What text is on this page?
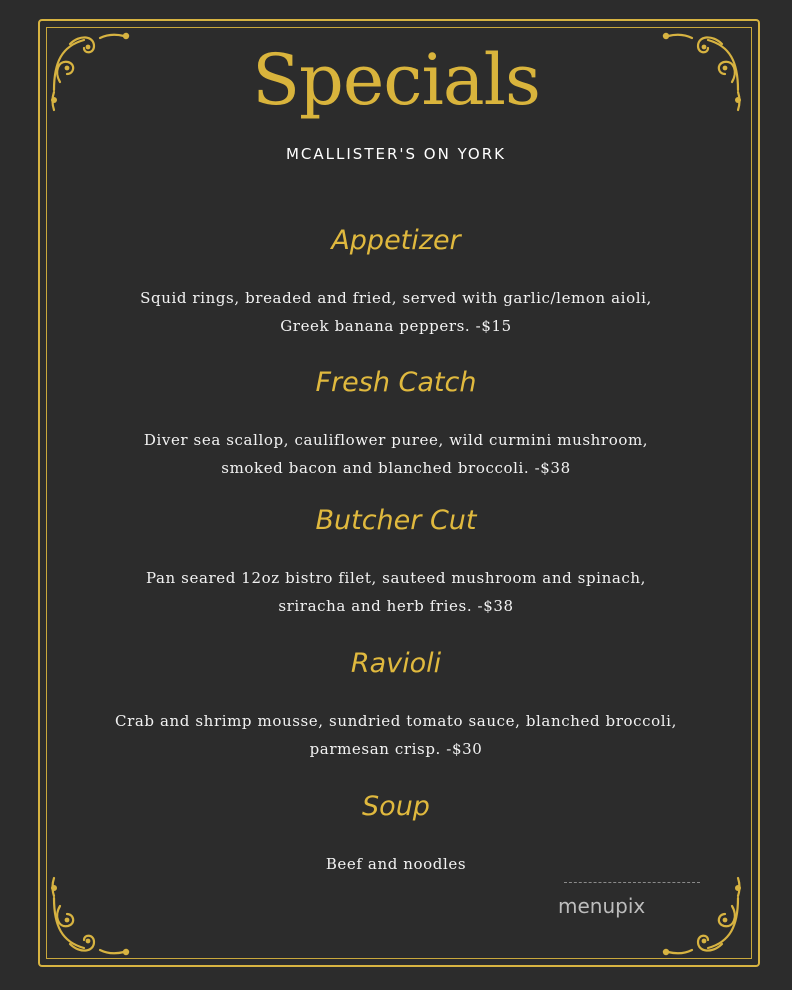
Specials
MCALLISTER'S ON YORK
Appetizer
Squid rings, breaded and fried, served with garlic/lemon aioli,
Greek banana peppers. -$15
Fresh Catch
Diver sea scallop, cauliflower puree, wild curmini mushroom,
smoked bacon and blanched broccoli. -$38
Butcher Cut
Pan seared 12oz bistro filet, sauteed mushroom and spinach,
sriracha and herb fries. -$38
Ravioli
Crab and shrimp mousse, sundried tomato sauce, blanched broccoli,
parmesan crisp. -$30
Soup
Beef and noodles
menupix
